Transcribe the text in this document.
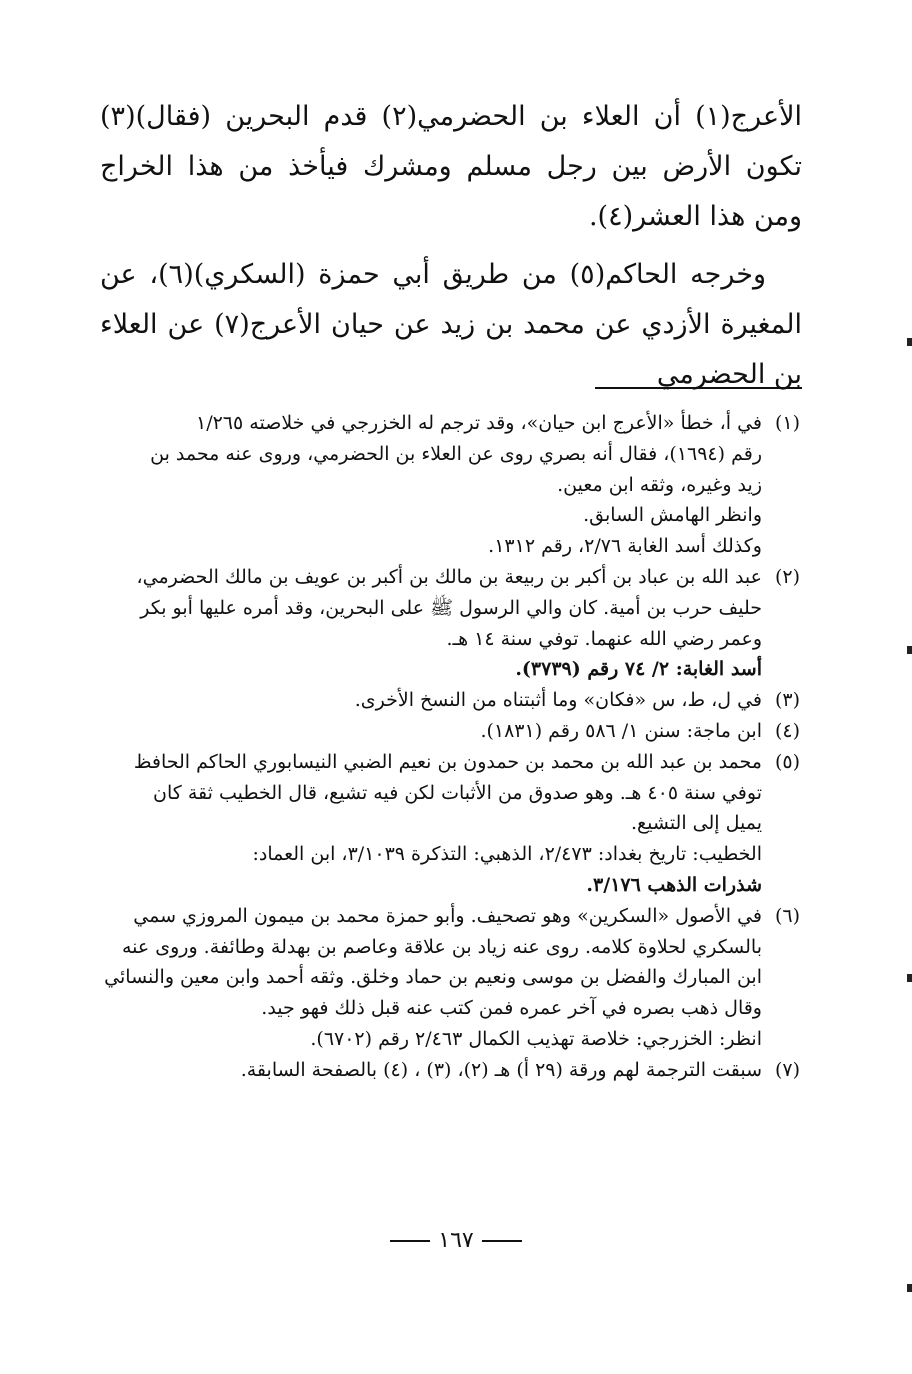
الأعرج(١) أن العلاء بن الحضرمي(٢) قدم البحرين (فقال)(٣) تكون الأرض بين رجل مسلم ومشرك فيأخذ من هذا الخراج ومن هذا العشر(٤).

وخرجه الحاكم(٥) من طريق أبي حمزة (السكري)(٦)، عن المغيرة الأزدي عن محمد بن زيد عن حيان الأعرج(٧) عن العلاء بن الحضرمي

(١)
في أ، خطأ «الأعرج ابن حيان»، وقد ترجم له الخزرجي في خلاصته ١/٢٦٥
رقم (١٦٩٤)، فقال أنه بصري روى عن العلاء بن الحضرمي، وروى عنه محمد بن
زيد وغيره، وثقه ابن معين.
وانظر الهامش السابق.
وكذلك أسد الغابة ٢/٧٦، رقم ١٣١٢.
(٢)
عبد الله بن عباد بن أكبر بن ربيعة بن مالك بن أكبر بن عويف بن مالك الحضرمي،
حليف حرب بن أمية. كان والي الرسول ﷺ على البحرين، وقد أمره عليها أبو بكر
وعمر رضي الله عنهما. توفي سنة ١٤ هـ.
أسد الغابة: ٢/ ٧٤ رقم (٣٧٣٩).
(٣)
في ل، ط، س «فكان» وما أثبتناه من النسخ الأخرى.
(٤)
ابن ماجة: سنن ١/ ٥٨٦ رقم (١٨٣١).
(٥)
محمد بن عبد الله بن محمد بن حمدون بن نعيم الضبي النيسابوري الحاكم الحافظ
توفي سنة ٤٠٥ هـ. وهو صدوق من الأثبات لكن فيه تشيع، قال الخطيب ثقة كان
يميل إلى التشيع.
الخطيب: تاريخ بغداد: ٢/٤٧٣، الذهبي: التذكرة ٣/١٠٣٩، ابن العماد:
شذرات الذهب ٣/١٧٦.
(٦)
في الأصول «السكرين» وهو تصحيف. وأبو حمزة محمد بن ميمون المروزي سمي
بالسكري لحلاوة كلامه. روى عنه زياد بن علاقة وعاصم بن بهدلة وطائفة. وروى عنه
ابن المبارك والفضل بن موسى ونعيم بن حماد وخلق. وثقه أحمد وابن معين والنسائي
وقال ذهب بصره في آخر عمره فمن كتب عنه قبل ذلك فهو جيد.
انظر: الخزرجي: خلاصة تهذيب الكمال ٢/٤٦٣ رقم (٦٧٠٢).
(٧)
سبقت الترجمة لهم ورقة (٢٩ أ) هـ (٢)، (٣) ، (٤) بالصفحة السابقة.
١٦٧
